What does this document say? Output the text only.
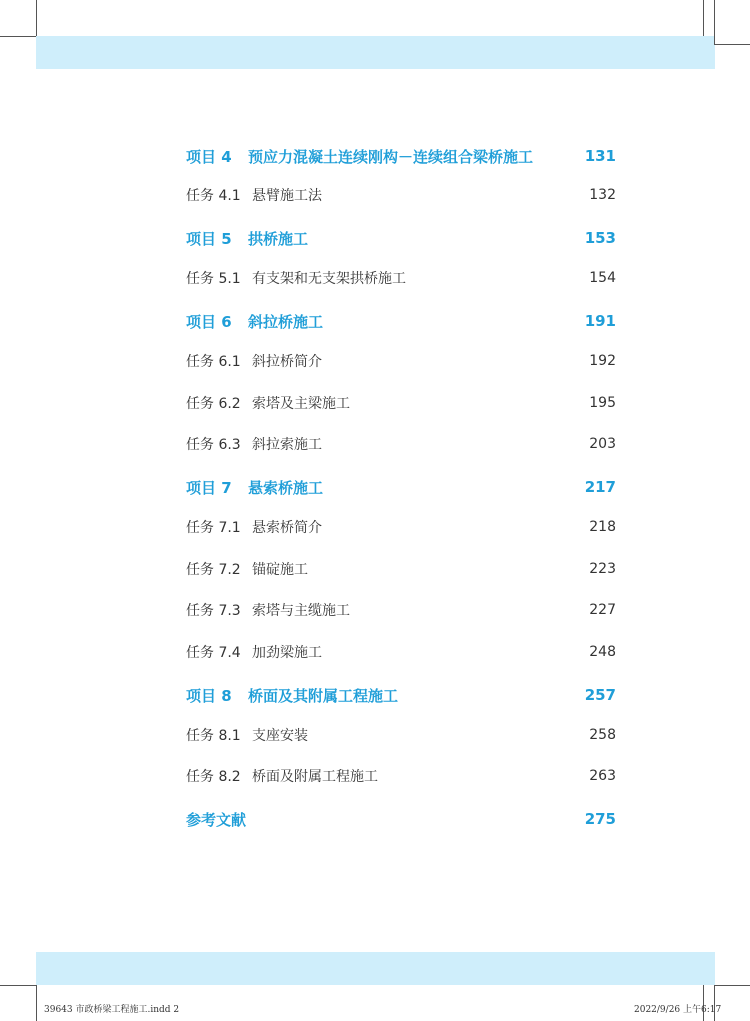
项目 4	预应力混凝土连续刚构－连续组合梁桥施工	131
任务 4.1 悬臂施工法	132
项目 5	拱桥施工	153
任务 5.1 有支架和无支架拱桥施工	154
项目 6	斜拉桥施工	191
任务 6.1 斜拉桥简介	192
任务 6.2 索塔及主梁施工	195
任务 6.3 斜拉索施工	203
项目 7	悬索桥施工	217
任务 7.1 悬索桥简介	218
任务 7.2 锚碇施工	223
任务 7.3 索塔与主缆施工	227
任务 7.4 加劲梁施工	248
项目 8	桥面及其附属工程施工	257
任务 8.1 支座安装	258
任务 8.2 桥面及附属工程施工	263
参考文献	275
39643 市政桥梁工程施工.indd 2	2022/9/26 上午6:17
